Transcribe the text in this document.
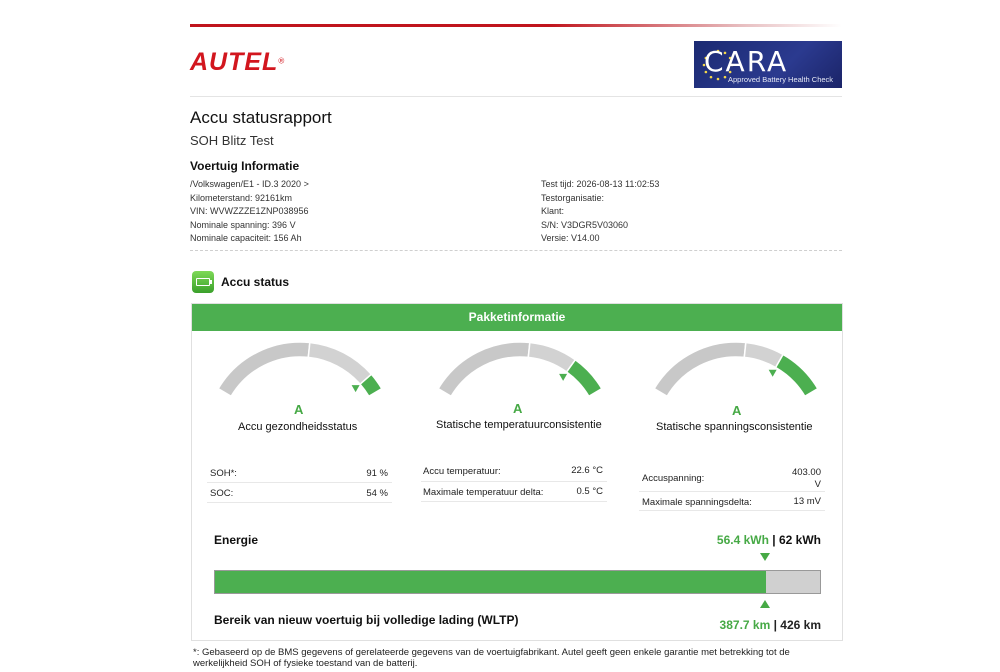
AUTEL®	CARA
Approved Battery Health Check
Accu statusrapport
SOH Blitz Test
Voertuig Informatie
/Volkswagen/E1 - ID.3 2020 >
Kilometerstand: 92161km
VIN: WVWZZZE1ZNP038956
Nominale spanning: 396 V
Nominale capaciteit: 156 Ah
Test tijd: 2026-08-13 11:02:53
Testorganisatie:
Klant:
S/N: V3DGR5V03060
Versie: V14.00
Accu status
Pakketinformatie
A
Accu gezondheidsstatus
A
Statische temperatuurconsistentie
A
Statische spanningsconsistentie
SOH*:	91 %
SOC:	54 %
Accu temperatuur:	22.6 °C
Maximale temperatuur delta:	0.5 °C
Accuspanning:
403.00 V
Maximale spanningsdelta:	13 mV
Energie	56.4 kWh | 62 kWh
Bereik van nieuw voertuig bij volledige lading (WLTP)	387.7 km | 426 km
*: Gebaseerd op de BMS gegevens of gerelateerde gegevens van de voertuigfabrikant. Autel geeft geen enkele garantie met betrekking tot de werkelijkheid SOH of fysieke toestand van de batterij.
